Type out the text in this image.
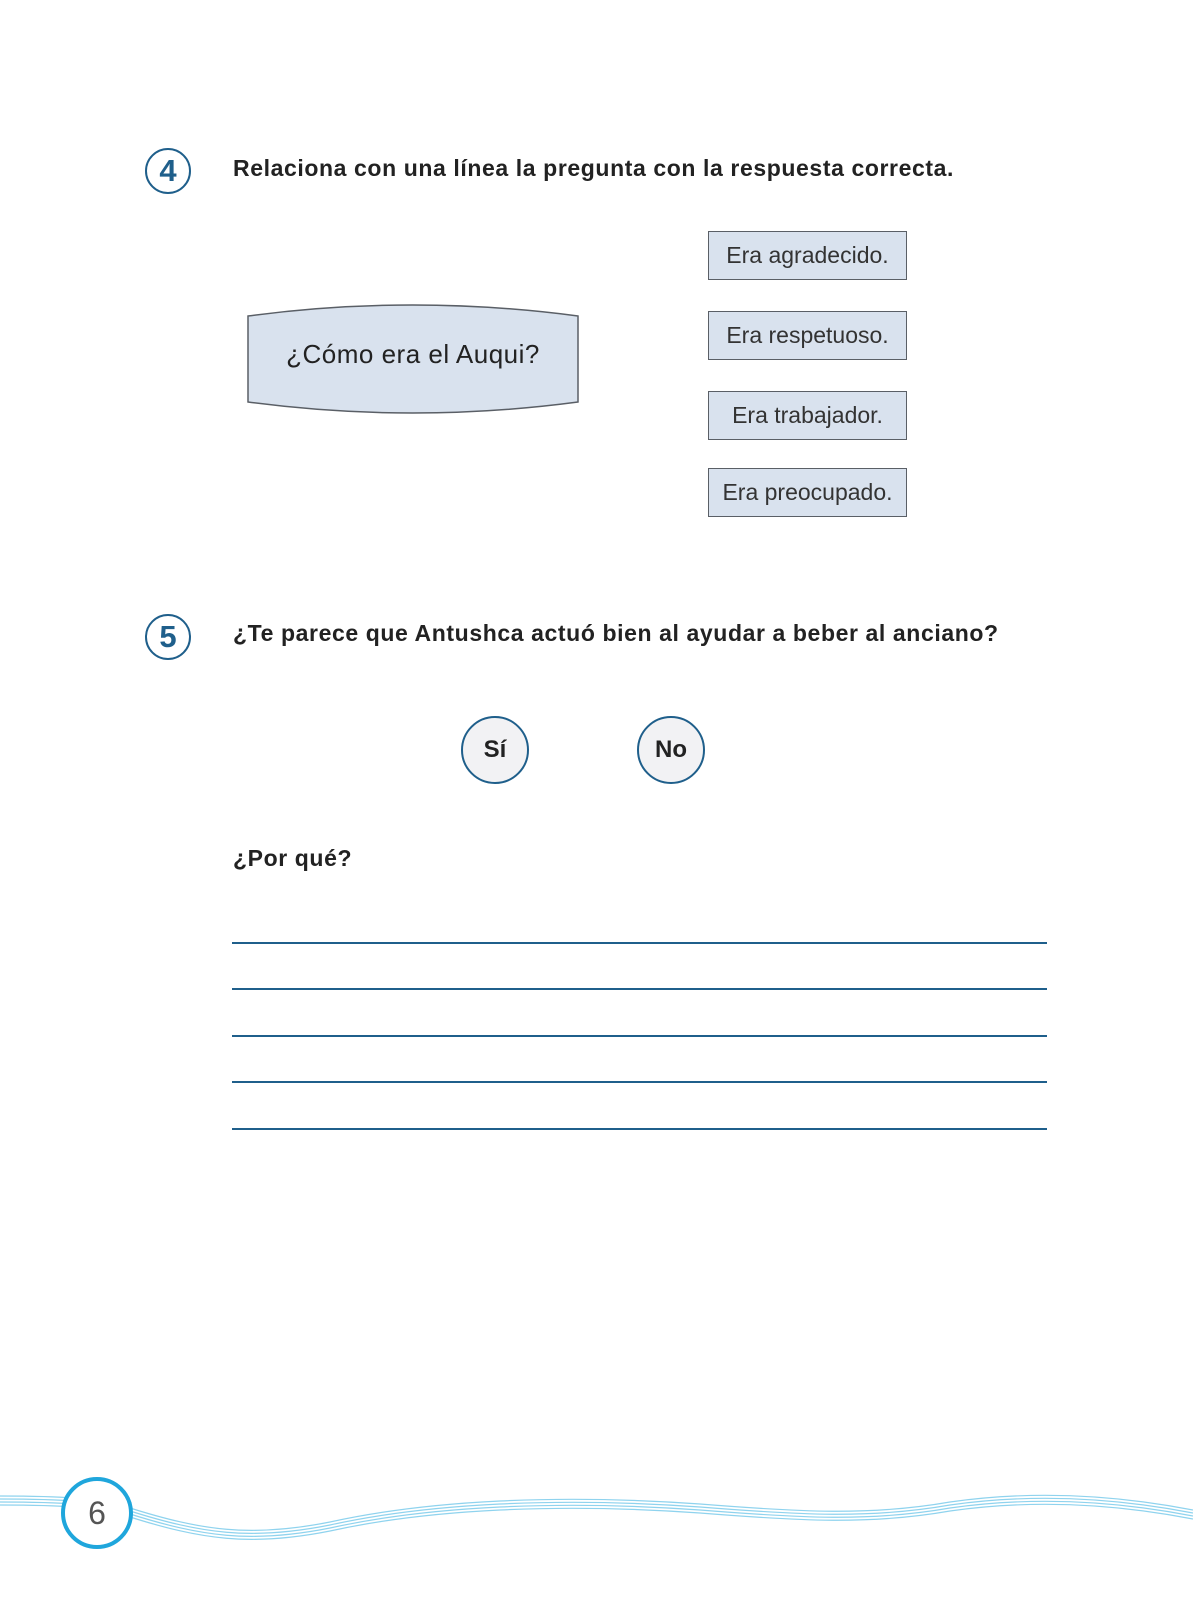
4	Relaciona con una línea la pregunta con la respuesta correcta.
¿Cómo era el Auqui?
Era agradecido.
Era respetuoso.
Era trabajador.
Era preocupado.
5	¿Te parece que Antushca actuó bien al ayudar a beber al anciano?
Sí	No
¿Por qué?
6
